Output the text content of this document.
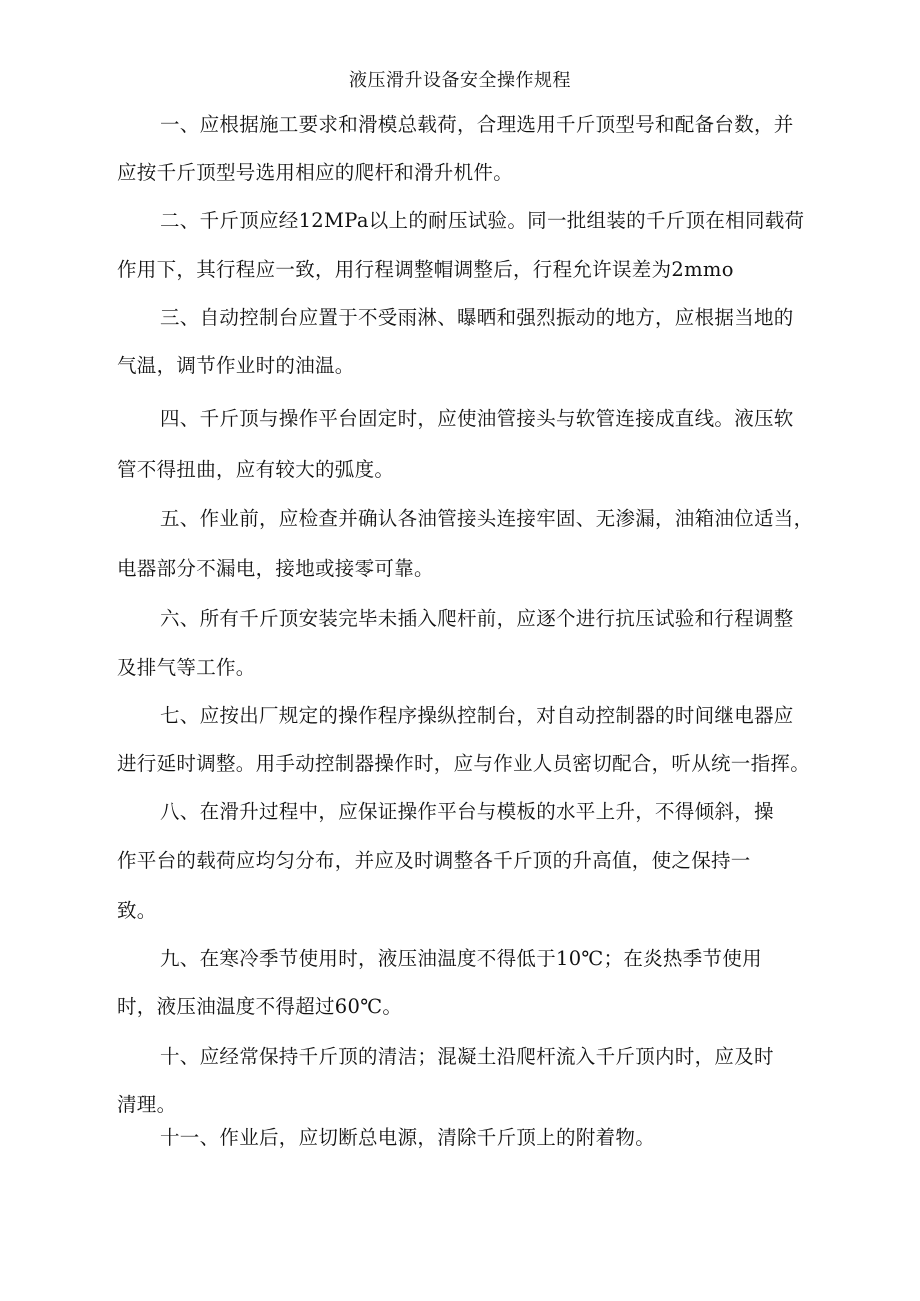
液压滑升设备安全操作规程
一、应根据施工要求和滑模总载荷，合理选用千斤顶型号和配备台数，并
应按千斤顶型号选用相应的爬杆和滑升机件。
二、千斤顶应经12MPa以上的耐压试验。同一批组装的千斤顶在相同载荷
作用下，其行程应一致，用行程调整帽调整后，行程允许误差为2mmo
三、自动控制台应置于不受雨淋、曝晒和强烈振动的地方，应根据当地的
气温，调节作业时的油温。
四、千斤顶与操作平台固定时，应使油管接头与软管连接成直线。液压软
管不得扭曲，应有较大的弧度。
五、作业前，应检查并确认各油管接头连接牢固、无渗漏，油箱油位适当，
电器部分不漏电，接地或接零可靠。
六、所有千斤顶安装完毕未插入爬杆前，应逐个进行抗压试验和行程调整
及排气等工作。
七、应按出厂规定的操作程序操纵控制台，对自动控制器的时间继电器应
进行延时调整。用手动控制器操作时，应与作业人员密切配合，听从统一指挥。
八、在滑升过程中，应保证操作平台与模板的水平上升，不得倾斜，操
作平台的载荷应均匀分布，并应及时调整各千斤顶的升高值，使之保持一
致。
九、在寒冷季节使用时，液压油温度不得低于10℃；在炎热季节使用
时，液压油温度不得超过60℃。
十、应经常保持千斤顶的清洁；混凝土沿爬杆流入千斤顶内时，应及时
清理。
十一、作业后，应切断总电源，清除千斤顶上的附着物。
